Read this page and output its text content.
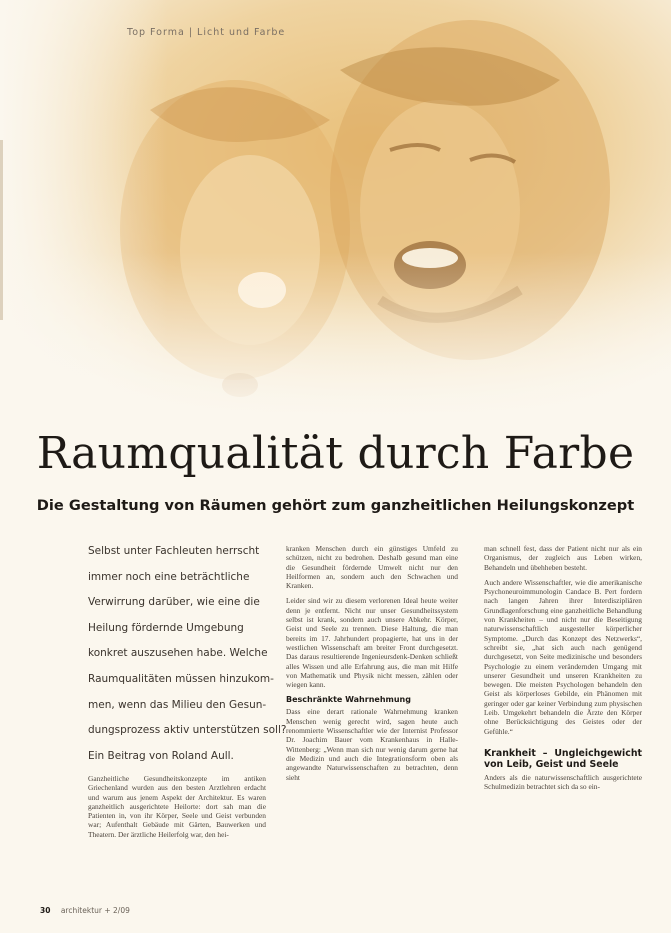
Top Forma | Licht und Farbe
Raumqualität durch Farbe
Die Gestaltung von Räumen gehört zum ganzheitlichen Heilungskonzept
Selbst unter Fachleuten herrscht
immer noch eine beträchtliche
Verwirrung darüber, wie eine die
Heilung fördernde Umgebung
konkret auszusehen habe. Welche
Raumqualitäten müssen hinzukom-
men, wenn das Milieu den Gesun-
dungsprozess aktiv unterstützen soll?
Ein Beitrag von Roland Aull.

Ganzheitliche Gesundheitskonzepte im antiken Griechenland wurden aus den besten Arztlehren erdacht und warum aus jenem Aspekt der Architektur. Es waren ganzheitlich ausgerichtete Heilorte: dort sah man die Patienten in, von ihr Körper, Seele und Geist verbunden war; Aufenthalt Gebäude mit Gärten, Bauwerken und Theatern. Der ärztliche Heilerfolg war, den hei-

kranken Menschen durch ein günstiges Umfeld zu schützen, nicht zu bedrohen. Deshalb gesund man eine die Gesundheit fördernde Umwelt nicht nur den Heilformen an, sondern auch den Schwachen und Kranken.

Leider sind wir zu diesem verlorenen Ideal heute weiter denn je entfernt. Nicht nur unser Gesundheitssystem selbst ist krank, sondern auch unsere Abkehr. Körper, Geist und Seele zu trennen. Diese Haltung, die man bereits im 17. Jahrhundert propagierte, hat uns in der westlichen Wissenschaft am breiter Front durchgesetzt. Das daraus resultierende Ingenieursdenk-Denken schließt alles Wissen und alle Erfahrung aus, die man mit Hilfe von Mathematik und Physik nicht messen, zählen oder wiegen kann.

Beschränkte Wahrnehmung

Dass eine derart rationale Wahrnehmung kranken Menschen wenig gerecht wird, sagen heute auch renommierte Wissenschaftler wie der Internist Professor Dr. Joachim Bauer vom Krankenhaus in Halle-Wittenberg: „Wenn man sich nur wenig darum gerne hat die Medizin und auch die Integrationsform oben als angewandte Naturwissenschaften zu betrachten, denn sieht

man schnell fest, dass der Patient nicht nur als ein Organismus, der zugleich aus Leben wirken, Behandeln und übehheben besteht.

Auch andere Wissenschaftler, wie die amerikanische Psychoneuroimmunologin Candace B. Pert fordern nach langen Jahren ihrer Interdiszipliären Grundlagenforschung eine ganzheitliche Behandlung von Krankheiten – und nicht nur die Beseitigung naturwissenschaftlich ausgesteller körperlicher Symptome. „Durch das Konzept des Netzwerks“, schreibt sie, „hat sich auch nach genügend durchgesetzt, von Seite medizinische und besonders Psychologie zu einem verändernden Umgang mit unserer Gesundheit und unseren Krankheiten zu bewegen. Die meisten Psychologen behandeln den Geist als körperloses Gebilde, ein Phänomen mit geringer oder gar keiner Verbindung zum physischen Leib. Umgekehrt behandeln die Ärzte den Körper ohne Berücksichtigung des Geistes oder der Gefühle.“

Krankheit – Ungleichgewicht von Leib, Geist und Seele

Anders als die naturwissenschaftlich ausgerichtete Schulmedizin betrachtet sich da so ein-

30 architektur + 2/09
